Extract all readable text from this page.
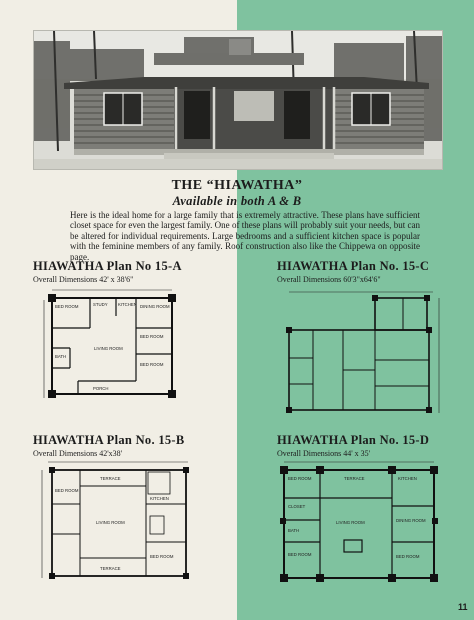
THE “HIAWATHA”
Available in both A & B

Here is the ideal home for a large family that is extremely attractive. These plans have sufficient closet space for even the largest family. One of these plans will probably suit your needs, but can be altered for individual requirements. Large bedrooms and a sufficient kitchen space is popular with the feminine members of any family. Roof construction also like the Chippewa on opposite page.

HIAWATHA Plan No 15-A

Overall Dimensions 42' x 38'6"

BED ROOM	STUDY KITCHEN DINING ROOM
BED ROOM
LIVING ROOM
BATH
BED ROOM
PORCH

HIAWATHA Plan No. 15-C

Overall Dimensions 60'3"x64'6"

HIAWATHA Plan No. 15-B

Overall Dimensions 42'x38'

TERRACE
BED ROOM
LIVING ROOM
KITCHEN
BED ROOM
TERRACE

HIAWATHA Plan No. 15-D

Overall Dimensions 44' x 35'

BED ROOM	TERRACE	KITCHEN
CLOSET
LIVING ROOM	DINING ROOM
BATH
BED ROOM	BED ROOM
11
